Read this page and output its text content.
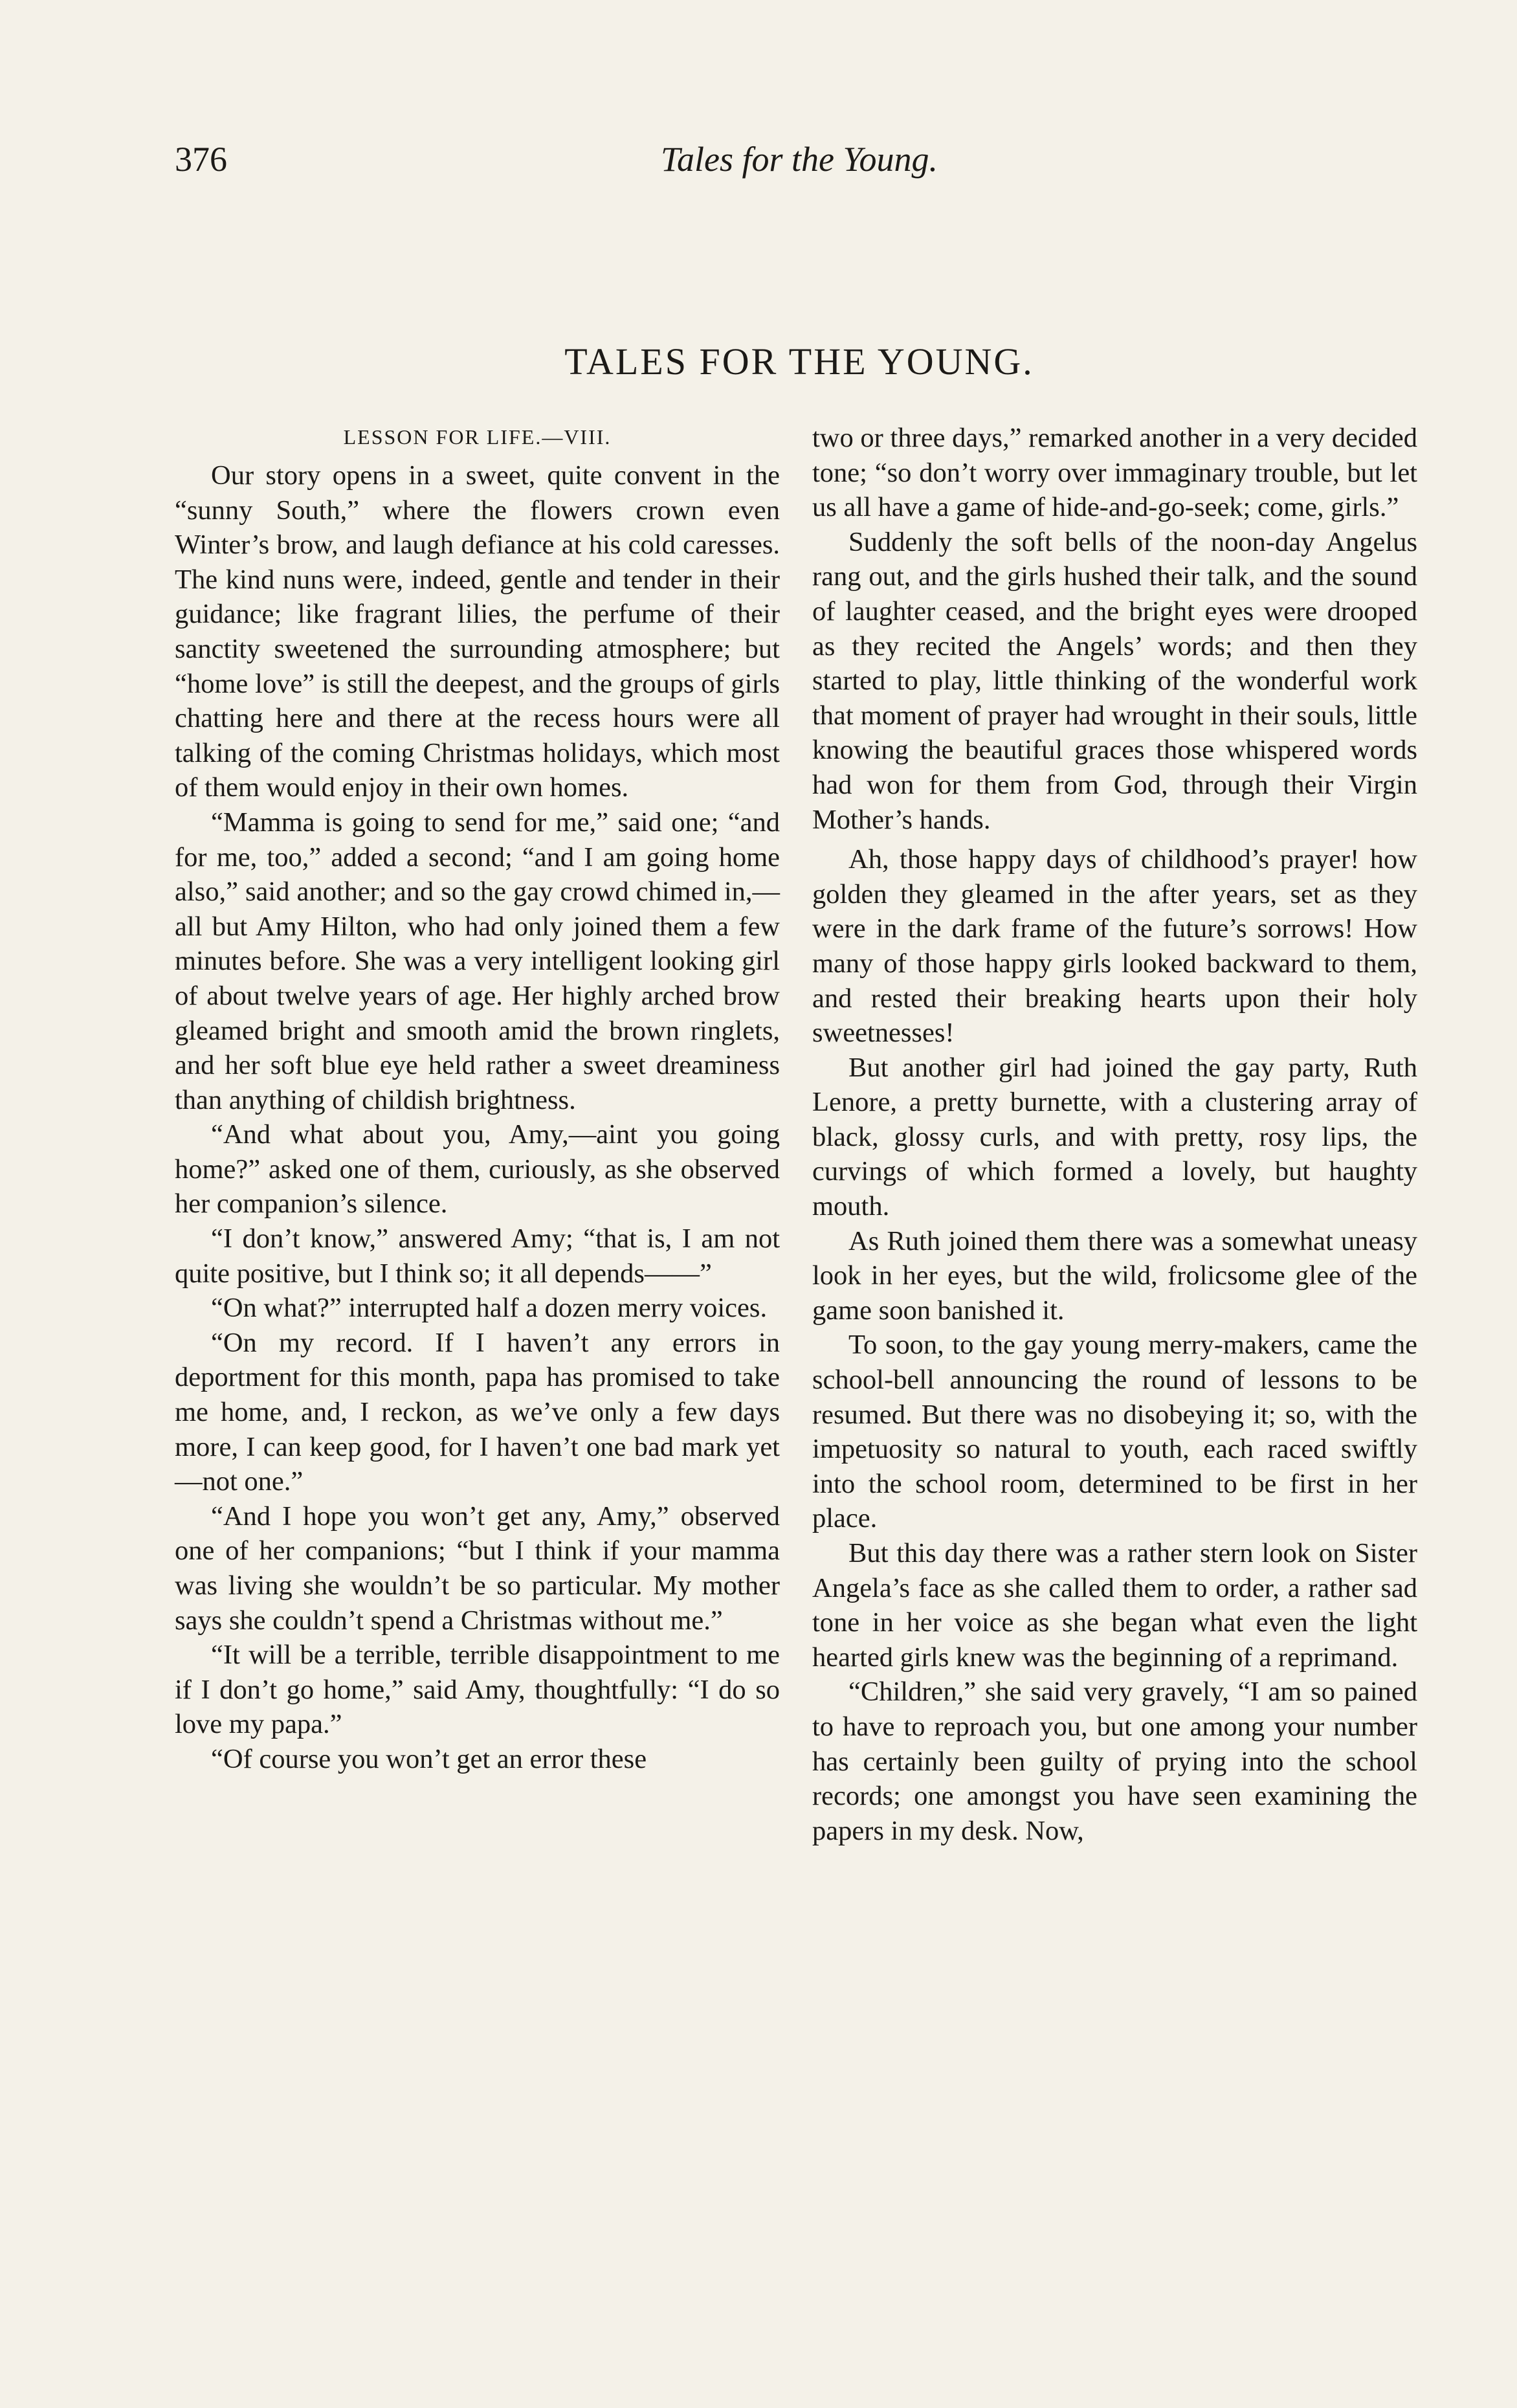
376	Tales for the Young.
TALES FOR THE YOUNG.
LESSON FOR LIFE.—VIII.

Our story opens in a sweet, quite convent in the “sunny South,” where the flowers crown even Winter’s brow, and laugh defiance at his cold caresses. The kind nuns were, indeed, gentle and tender in their guidance; like fragrant lilies, the perfume of their sanctity sweetened the surrounding atmosphere; but “home love” is still the deepest, and the groups of girls chatting here and there at the recess hours were all talking of the coming Christmas holidays, which most of them would enjoy in their own homes.

“Mamma is going to send for me,” said one; “and for me, too,” added a second; “and I am going home also,” said another; and so the gay crowd chimed in,—all but Amy Hilton, who had only joined them a few minutes before. She was a very intelligent looking girl of about twelve years of age. Her highly arched brow gleamed bright and smooth amid the brown ringlets, and her soft blue eye held rather a sweet dreaminess than anything of childish brightness.

“And what about you, Amy,—aint you going home?” asked one of them, curiously, as she observed her companion’s silence.

“I don’t know,” answered Amy; “that is, I am not quite positive, but I think so; it all depends——”

“On what?” interrupted half a dozen merry voices.

“On my record. If I haven’t any errors in deportment for this month, papa has promised to take me home, and, I reckon, as we’ve only a few days more, I can keep good, for I haven’t one bad mark yet—not one.”

“And I hope you won’t get any, Amy,” observed one of her companions; “but I think if your mamma was living she wouldn’t be so particular. My mother says she couldn’t spend a Christmas without me.”

“It will be a terrible, terrible disappointment to me if I don’t go home,” said Amy, thoughtfully: “I do so love my papa.”

“Of course you won’t get an error these

two or three days,” remarked another in a very decided tone; “so don’t worry over immaginary trouble, but let us all have a game of hide-and-go-seek; come, girls.”

Suddenly the soft bells of the noon-day Angelus rang out, and the girls hushed their talk, and the sound of laughter ceased, and the bright eyes were drooped as they recited the Angels’ words; and then they started to play, little thinking of the wonderful work that moment of prayer had wrought in their souls, little knowing the beautiful graces those whispered words had won for them from God, through their Virgin Mother’s hands.

Ah, those happy days of childhood’s prayer! how golden they gleamed in the after years, set as they were in the dark frame of the future’s sorrows! How many of those happy girls looked backward to them, and rested their breaking hearts upon their holy sweetnesses!

But another girl had joined the gay party, Ruth Lenore, a pretty burnette, with a clustering array of black, glossy curls, and with pretty, rosy lips, the curvings of which formed a lovely, but haughty mouth.

As Ruth joined them there was a somewhat uneasy look in her eyes, but the wild, frolicsome glee of the game soon banished it.

To soon, to the gay young merry-makers, came the school-bell announcing the round of lessons to be resumed. But there was no disobeying it; so, with the impetuosity so natural to youth, each raced swiftly into the school room, determined to be first in her place.

But this day there was a rather stern look on Sister Angela’s face as she called them to order, a rather sad tone in her voice as she began what even the light hearted girls knew was the beginning of a reprimand.

“Children,” she said very gravely, “I am so pained to have to reproach you, but one among your number has certainly been guilty of prying into the school records; one amongst you have seen examining the papers in my desk. Now,
